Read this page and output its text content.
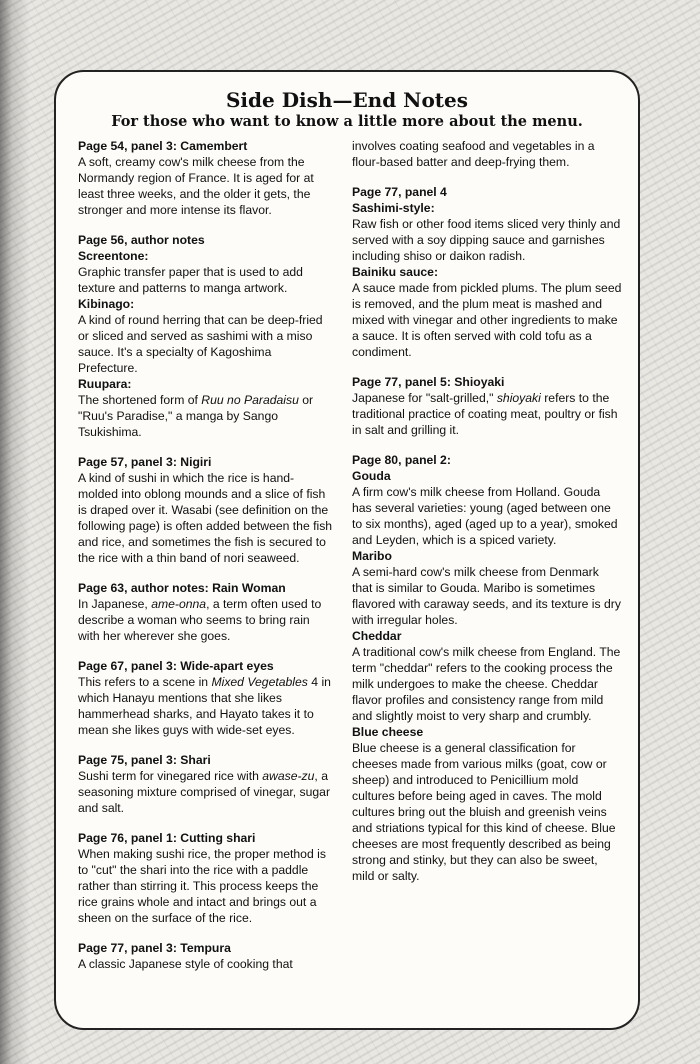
Side Dish—End Notes
For those who want to know a little more about the menu.

Page 54, panel 3: Camembert

A soft, creamy cow's milk cheese from the Normandy region of France. It is aged for at least three weeks, and the older it gets, the stronger and more intense its flavor.

Page 56, author notes

Screentone:

Graphic transfer paper that is used to add texture and patterns to manga artwork.

Kibinago:

A kind of round herring that can be deep-fried or sliced and served as sashimi with a miso sauce. It's a specialty of Kagoshima Prefecture.

Ruupara:

The shortened form of Ruu no Paradaisu or "Ruu's Paradise," a manga by Sango Tsukishima.

Page 57, panel 3: Nigiri

A kind of sushi in which the rice is hand-molded into oblong mounds and a slice of fish is draped over it. Wasabi (see definition on the following page) is often added between the fish and rice, and sometimes the fish is secured to the rice with a thin band of nori seaweed.

Page 63, author notes: Rain Woman

In Japanese, ame-onna, a term often used to describe a woman who seems to bring rain with her wherever she goes.

Page 67, panel 3: Wide-apart eyes

This refers to a scene in Mixed Vegetables 4 in which Hanayu mentions that she likes hammerhead sharks, and Hayato takes it to mean she likes guys with wide-set eyes.

Page 75, panel 3: Shari

Sushi term for vinegared rice with awase-zu, a seasoning mixture comprised of vinegar, sugar and salt.

Page 76, panel 1: Cutting shari

When making sushi rice, the proper method is to "cut" the shari into the rice with a paddle rather than stirring it. This process keeps the rice grains whole and intact and brings out a sheen on the surface of the rice.

Page 77, panel 3: Tempura

A classic Japanese style of cooking that

involves coating seafood and vegetables in a flour-based batter and deep-frying them.

Page 77, panel 4

Sashimi-style:

Raw fish or other food items sliced very thinly and served with a soy dipping sauce and garnishes including shiso or daikon radish.

Bainiku sauce:

A sauce made from pickled plums. The plum seed is removed, and the plum meat is mashed and mixed with vinegar and other ingredients to make a sauce. It is often served with cold tofu as a condiment.

Page 77, panel 5: Shioyaki

Japanese for "salt-grilled," shioyaki refers to the traditional practice of coating meat, poultry or fish in salt and grilling it.

Page 80, panel 2:

Gouda

A firm cow's milk cheese from Holland. Gouda has several varieties: young (aged between one to six months), aged (aged up to a year), smoked and Leyden, which is a spiced variety.

Maribo

A semi-hard cow's milk cheese from Denmark that is similar to Gouda. Maribo is sometimes flavored with caraway seeds, and its texture is dry with irregular holes.

Cheddar

A traditional cow's milk cheese from England. The term "cheddar" refers to the cooking process the milk undergoes to make the cheese. Cheddar flavor profiles and consistency range from mild and slightly moist to very sharp and crumbly.

Blue cheese

Blue cheese is a general classification for cheeses made from various milks (goat, cow or sheep) and introduced to Penicillium mold cultures before being aged in caves. The mold cultures bring out the bluish and greenish veins and striations typical for this kind of cheese. Blue cheeses are most frequently described as being strong and stinky, but they can also be sweet, mild or salty.
